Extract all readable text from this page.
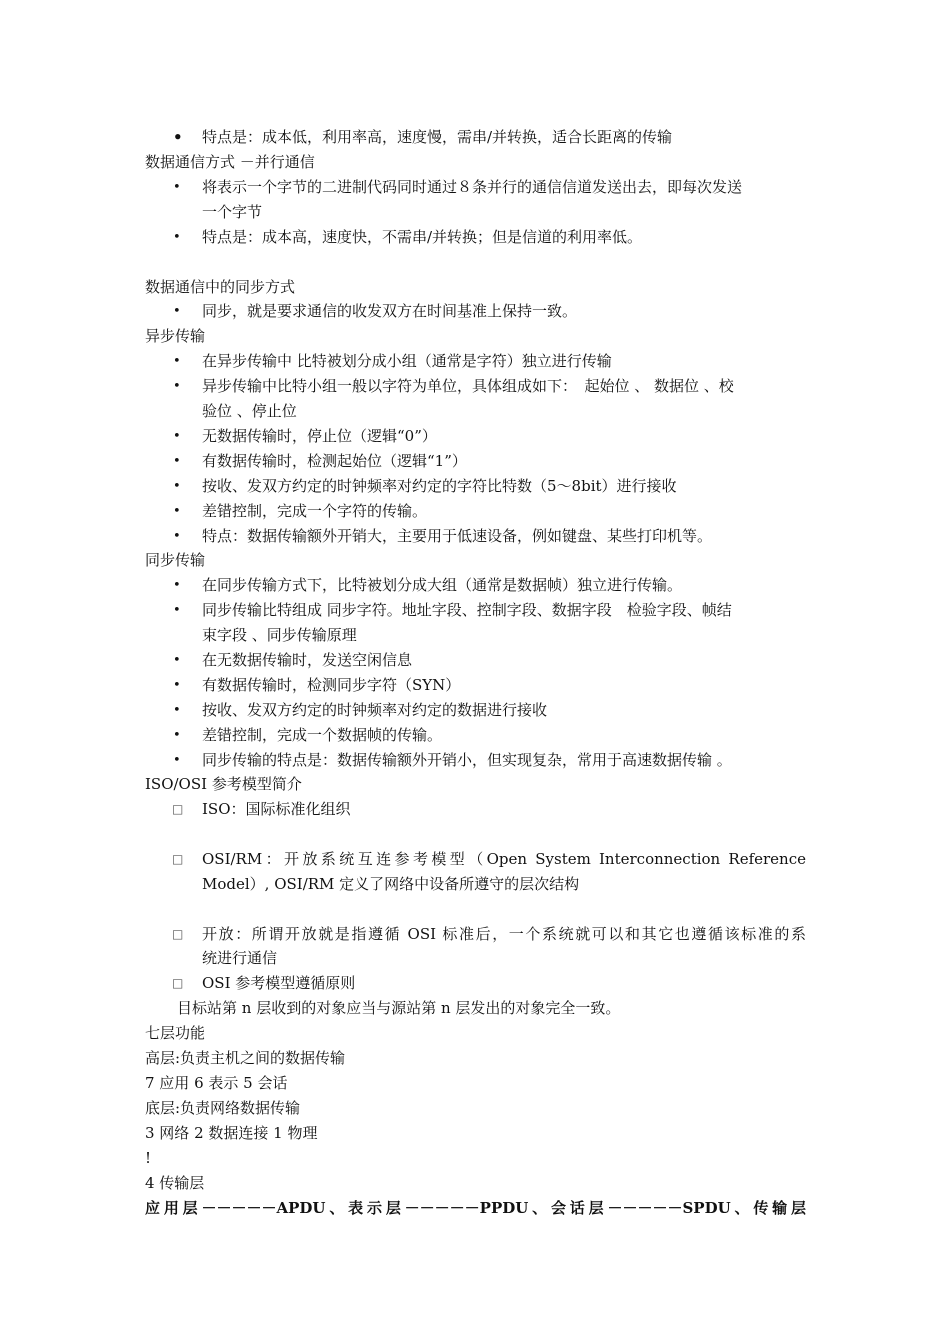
• 特点是：成本低，利用率高，速度慢，需串/并转换，适合长距离的传输
数据通信方式 －并行通信
• 将表示一个字节的二进制代码同时通过８条并行的通信信道发送出去，即每次发送
一个字节
• 特点是：成本高，速度快，不需串/并转换；但是信道的利用率低。
数据通信中的同步方式
• 同步，就是要求通信的收发双方在时间基准上保持一致。
异步传输
• 在异步传输中 比特被划分成小组（通常是字符）独立进行传输
• 异步传输中比特小组一般以字符为单位，具体组成如下：　起始位 、 数据位 、校
验位 、停止位
• 无数据传输时，停止位（逻辑“0”）
• 有数据传输时，检测起始位（逻辑“1”）
• 按收、发双方约定的时钟频率对约定的字符比特数（5～8bit）进行接收
• 差错控制，完成一个字符的传输。
• 特点：数据传输额外开销大，主要用于低速设备，例如键盘、某些打印机等。
同步传输
• 在同步传输方式下，比特被划分成大组（通常是数据帧）独立进行传输。
• 同步传输比特组成 同步字符。地址字段、控制字段、数据字段　检验字段、帧结
束字段 、同步传输原理
• 在无数据传输时，发送空闲信息
• 有数据传输时，检测同步字符（SYN）
• 按收、发双方约定的时钟频率对约定的数据进行接收
• 差错控制，完成一个数据帧的传输。
• 同步传输的特点是：数据传输额外开销小，但实现复杂，常用于高速数据传输 。
ISO/OSI 参考模型简介
□ ISO：国际标准化组织
□ OSI/RM：开放系统互连参考模型（Open System Interconnection Reference
Model）, OSI/RM 定义了网络中设备所遵守的层次结构
□ 开放：所谓开放就是指遵循 OSI 标准后，一个系统就可以和其它也遵循该标准的系
统进行通信
□ OSI 参考模型遵循原则
目标站第 n 层收到的对象应当与源站第 n 层发出的对象完全一致。
七层功能
高层:负责主机之间的数据传输
7 应用 6 表示 5 会话
底层:负责网络数据传输
3 网络 2 数据连接 1 物理
!
4 传输层
应用层－－－－－APDU、表示层－－－－－PPDU、会话层－－－－－SPDU、传输层
